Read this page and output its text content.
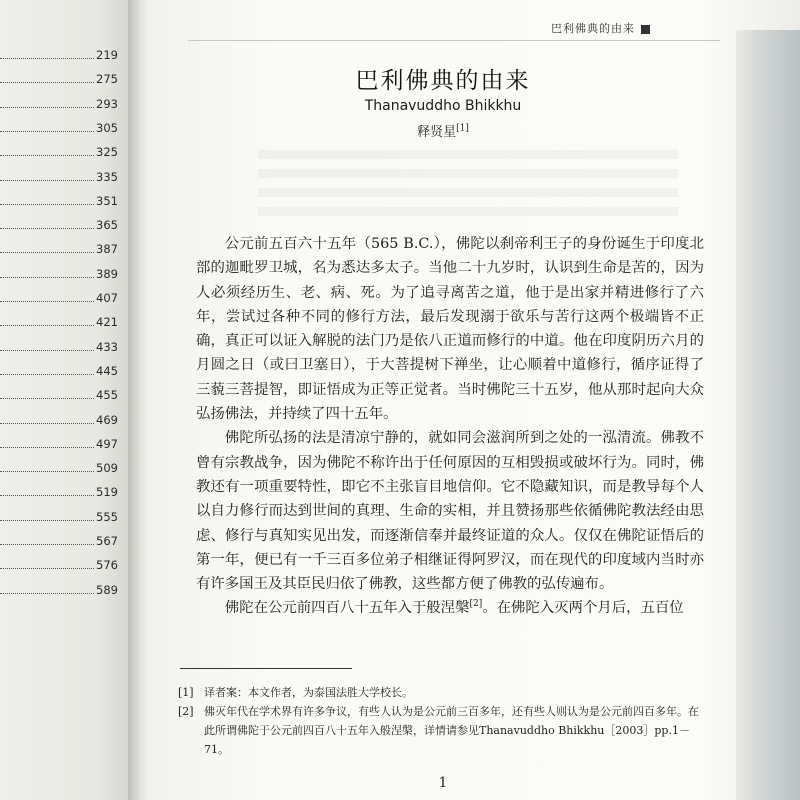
219
275
293
305
325
335
351
365
387
389
407
421
433
445
455
469
497
509
519
555
567
576
589
巴利佛典的由来
巴利佛典的由来
Thanavuddho Bhikkhu
释贤星[1]

公元前五百六十五年（565 B.C.），佛陀以刹帝利王子的身份诞生于印度北部的迦毗罗卫城，名为悉达多太子。当他二十九岁时，认识到生命是苦的，因为人必须经历生、老、病、死。为了追寻离苦之道，他于是出家并精进修行了六年，尝试过各种不同的修行方法，最后发现溺于欲乐与苦行这两个极端皆不正确，真正可以证入解脱的法门乃是依八正道而修行的中道。他在印度阴历六月的月圆之日（或曰卫塞日），于大菩提树下禅坐，让心顺着中道修行，循序证得了三藐三菩提智，即证悟成为正等正觉者。当时佛陀三十五岁，他从那时起向大众弘扬佛法，并持续了四十五年。

佛陀所弘扬的法是清凉宁静的，就如同会滋润所到之处的一泓清流。佛教不曾有宗教战争，因为佛陀不称许出于任何原因的互相毁损或破坏行为。同时，佛教还有一项重要特性，即它不主张盲目地信仰。它不隐藏知识，而是教导每个人以自力修行而达到世间的真理、生命的实相，并且赞扬那些依循佛陀教法经由思虑、修行与真知实见出发，而逐渐信奉并最终证道的众人。仅仅在佛陀证悟后的第一年，便已有一千三百多位弟子相继证得阿罗汉，而在现代的印度域内当时亦有许多国王及其臣民归依了佛教，这些都方便了佛教的弘传遍布。

佛陀在公元前四百八十五年入于般涅槃[2]。在佛陀入灭两个月后，五百位

[1] 译者案：本文作者，为泰国法胜大学校长。
[2] 佛灭年代在学术界有许多争议，有些人认为是公元前三百多年，还有些人则认为是公元前四百多年。在此所谓佛陀于公元前四百八十五年入般涅槃，详情请参见Thanavuddho Bhikkhu［2003］pp.1－71。
1
